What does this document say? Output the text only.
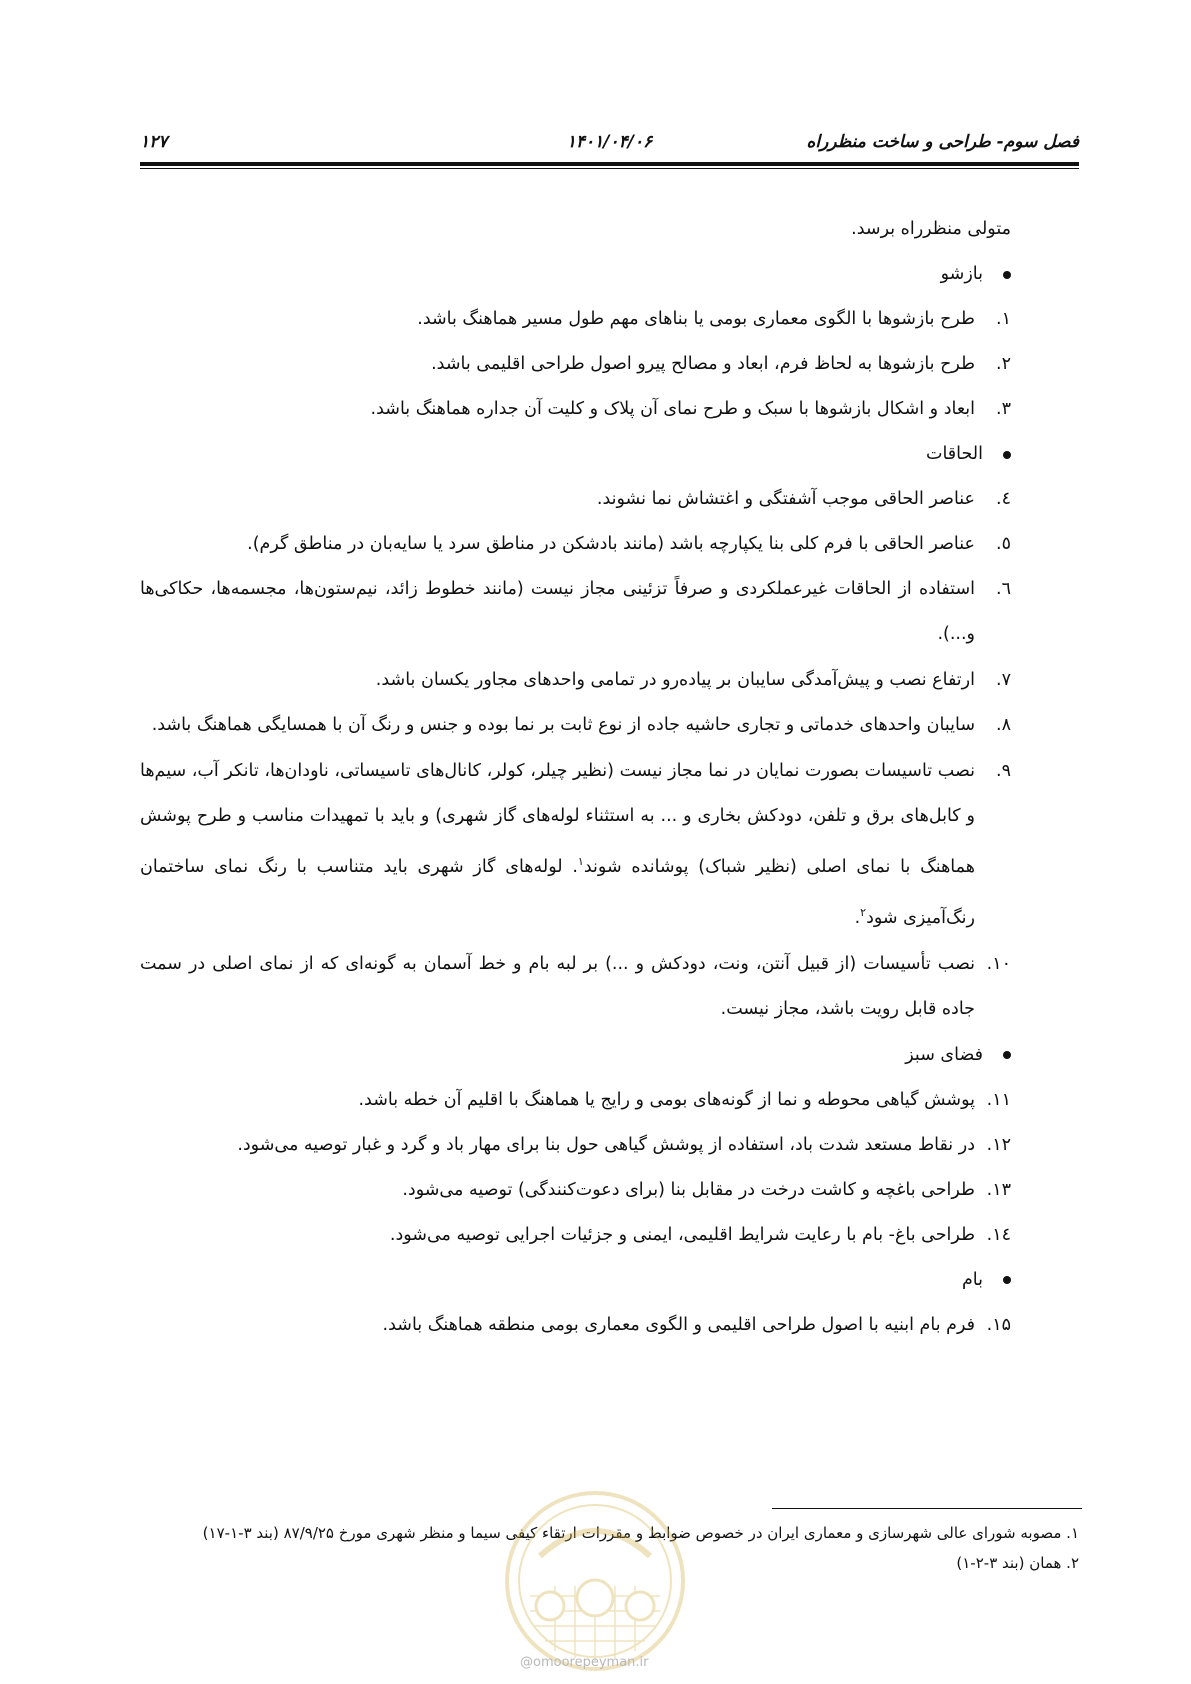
فصل سوم- طراحی و ساخت منظرراه
۱۴۰۱/۰۴/۰۶
۱۲۷

متولی منظرراه برسد.

بازشو
۱.
طرح بازشوها با الگوی معماری بومی یا بناهای مهم طول مسیر هماهنگ باشد.
۲.
طرح بازشوها به لحاظ فرم، ابعاد و مصالح پیرو اصول طراحی اقلیمی باشد.
۳.
ابعاد و اشکال بازشوها با سبک و طرح نمای آن پلاک و کلیت آن جداره هماهنگ باشد.
الحاقات
٤.
عناصر الحاقی موجب آشفتگی و اغتشاش نما نشوند.
٥.
عناصر الحاقی با فرم کلی بنا یکپارچه باشد (مانند بادشکن در مناطق سرد یا سایه‌بان در مناطق گرم).
٦.
استفاده از الحاقات غیرعملکردی و صرفاً تزئینی مجاز نیست (مانند خطوط زائد، نیم‌ستون‌ها، مجسمه‌ها، حکاکی‌ها و...).
۷.
ارتفاع نصب و پیش‌آمدگی سایبان بر پیاده‌رو در تمامی واحدهای مجاور یکسان باشد.
۸.
سایبان واحدهای خدماتی و تجاری حاشیه جاده از نوع ثابت بر نما بوده و جنس و رنگ آن با همسایگی هماهنگ باشد.
۹.
نصب تاسیسات بصورت نمایان در نما مجاز نیست (نظیر چیلر، کولر، کانال‌های تاسیساتی، ناودان‌ها، تانکر آب، سیم‌ها و کابل‌های برق و تلفن، دودکش بخاری و ... به استثناء لوله‌های گاز شهری) و باید با تمهیدات مناسب و طرح پوشش هماهنگ با نمای اصلی (نظیر شباک) پوشانده شوند$^۱$. لوله‌های گاز شهری باید متناسب با رنگ نمای ساختمان رنگ‌آمیزی شود$^۲$.
۱۰.
نصب تأسیسات (از قبیل آنتن، ونت، دودکش و ...) بر لبه بام و خط آسمان به گونه‌ای که از نمای اصلی در سمت جاده قابل رویت باشد، مجاز نیست.
فضای سبز
۱۱.
پوشش گیاهی محوطه و نما از گونه‌های بومی و رایج یا هماهنگ با اقلیم آن خطه باشد.
۱۲.
در نقاط مستعد شدت باد، استفاده از پوشش گیاهی حول بنا برای مهار باد و گرد و غبار توصیه می‌شود.
۱۳.
طراحی باغچه و کاشت درخت در مقابل بنا (برای دعوت‌کنندگی) توصیه می‌شود.
۱٤.
طراحی باغ- بام با رعایت شرایط اقلیمی، ایمنی و جزئیات اجرایی توصیه می‌شود.
بام
۱۵.
فرم بام ابنیه با اصول طراحی اقلیمی و الگوی معماری بومی منطقه هماهنگ باشد.

۱. مصوبه شورای عالی شهرسازی و معماری ایران در خصوص ضوابط و مقررات ارتقاء کیفی سیما و منظر شهری مورخ ۸۷/۹/۲۵ (بند ۳-۱-۱۷)

۲. همان (بند ۳-۲-۱)

@omoorepeyman.ir
